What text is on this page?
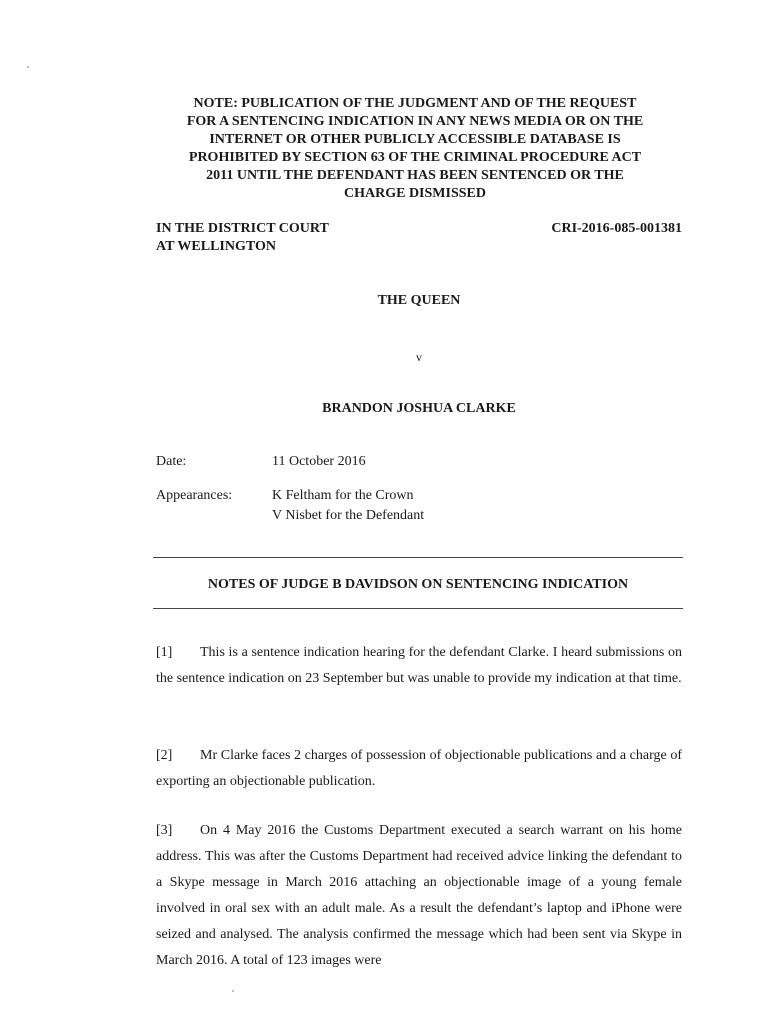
NOTE: PUBLICATION OF THE JUDGMENT AND OF THE REQUEST
FOR A SENTENCING INDICATION IN ANY NEWS MEDIA OR ON THE
INTERNET OR OTHER PUBLICLY ACCESSIBLE DATABASE IS
PROHIBITED BY SECTION 63 OF THE CRIMINAL PROCEDURE ACT
2011 UNTIL THE DEFENDANT HAS BEEN SENTENCED OR THE
CHARGE DISMISSED
IN THE DISTRICT COURT
AT WELLINGTON
CRI-2016-085-001381
THE QUEEN
v
BRANDON JOSHUA CLARKE
Date:	11 October 2016
Appearances:	K Feltham for the Crown
V Nisbet for the Defendant
NOTES OF JUDGE B DAVIDSON ON SENTENCING INDICATION
[1] This is a sentence indication hearing for the defendant Clarke. I heard submissions on the sentence indication on 23 September but was unable to provide my indication at that time.
[2] Mr Clarke faces 2 charges of possession of objectionable publications and a charge of exporting an objectionable publication.
[3] On 4 May 2016 the Customs Department executed a search warrant on his home address. This was after the Customs Department had received advice linking the defendant to a Skype message in March 2016 attaching an objectionable image of a young female involved in oral sex with an adult male. As a result the defendant’s laptop and iPhone were seized and analysed. The analysis confirmed the message which had been sent via Skype in March 2016. A total of 123 images were
